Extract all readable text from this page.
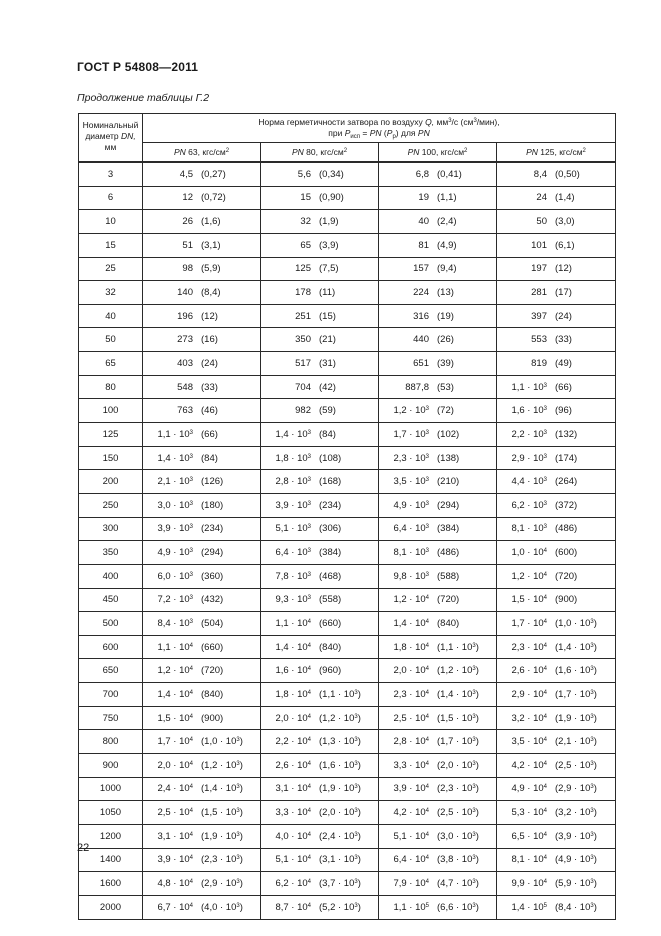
ГОСТ Р 54808—2011
Продолжение таблицы Г.2
Номинальный
диаметр DN,
мм	Норма герметичности затвора по воздуху Q, $мм^3/с$ $(см^3/мин)$,
при $P_{исп}$ = PN $(P_р)$ для PN			
	PN 63, кгс/$см^2$	PN 80, кгс/$см^2$	PN 100, кгс/$см^2$	PN 125, кгс/$см^2$
3	4,5 (0,27)	5,6 (0,34)	6,8 (0,41)	8,4 (0,50)

6	12 (0,72)	15 (0,90)	19 (1,1)	24 (1,4)

10	26 (1,6)	32 (1,9)	40 (2,4)	50 (3,0)

15	51 (3,1)	65 (3,9)	81 (4,9)	101 (6,1)

25	98 (5,9)	125 (7,5)	157 (9,4)	197 (12)

32	140 (8,4)	178 (11)	224 (13)	281 (17)

40	196 (12)	251 (15)	316 (19)	397 (24)

50	273 (16)	350 (21)	440 (26)	553 (33)

65	403 (24)	517 (31)	651 (39)	819 (49)

80	548 (33)	704 (42)	887,8 (53)	$1,1 \cdot 10^3$ (66)

100	763 (46)	982 (59)	$1,2 \cdot 10^3$ (72)	$1,6 \cdot 10^3$ (96)

125	$1,1 \cdot 10^3$ (66)	$1,4 \cdot 10^3$ (84)	$1,7 \cdot 10^3$ (102)	$2,2 \cdot 10^3$ (132)

150	$1,4 \cdot 10^3$ (84)	$1,8 \cdot 10^3$ (108)	$2,3 \cdot 10^3$ (138)	$2,9 \cdot 10^3$ (174)

200	$2,1 \cdot 10^3$ (126)	$2,8 \cdot 10^3$ (168)	$3,5 \cdot 10^3$ (210)	$4,4 \cdot 10^3$ (264)

250	$3,0 \cdot 10^3$ (180)	$3,9 \cdot 10^3$ (234)	$4,9 \cdot 10^3$ (294)	$6,2 \cdot 10^3$ (372)

300	$3,9 \cdot 10^3$ (234)	$5,1 \cdot 10^3$ (306)	$6,4 \cdot 10^3$ (384)	$8,1 \cdot 10^3$ (486)

350	$4,9 \cdot 10^3$ (294)	$6,4 \cdot 10^3$ (384)	$8,1 \cdot 10^3$ (486)	$1,0 \cdot 10^4$ (600)

400	$6,0 \cdot 10^3$ (360)	$7,8 \cdot 10^3$ (468)	$9,8 \cdot 10^3$ (588)	$1,2 \cdot 10^4$ (720)

450	$7,2 \cdot 10^3$ (432)	$9,3 \cdot 10^3$ (558)	$1,2 \cdot 10^4$ (720)	$1,5 \cdot 10^4$ (900)

500	$8,4 \cdot 10^3$ (504)	$1,1 \cdot 10^4$ (660)	$1,4 \cdot 10^4$ (840)	$1,7 \cdot 10^4$ $(1,0 \cdot 10^3)$

600	$1,1 \cdot 10^4$ (660)	$1,4 \cdot 10^4$ (840)	$1,8 \cdot 10^4$ $(1,1 \cdot 10^3)$	$2,3 \cdot 10^4$ $(1,4 \cdot 10^3)$

650	$1,2 \cdot 10^4$ (720)	$1,6 \cdot 10^4$ (960)	$2,0 \cdot 10^4$ $(1,2 \cdot 10^3)$	$2,6 \cdot 10^4$ $(1,6 \cdot 10^3)$

700	$1,4 \cdot 10^4$ (840)	$1,8 \cdot 10^4$ $(1,1 \cdot 10^3)$	$2,3 \cdot 10^4$ $(1,4 \cdot 10^3)$	$2,9 \cdot 10^4$ $(1,7 \cdot 10^3)$

750	$1,5 \cdot 10^4$ (900)	$2,0 \cdot 10^4$ $(1,2 \cdot 10^3)$	$2,5 \cdot 10^4$ $(1,5 \cdot 10^3)$	$3,2 \cdot 10^4$ $(1,9 \cdot 10^3)$

800	$1,7 \cdot 10^4$ $(1,0 \cdot 10^3)$	$2,2 \cdot 10^4$ $(1,3 \cdot 10^3)$	$2,8 \cdot 10^4$ $(1,7 \cdot 10^3)$	$3,5 \cdot 10^4$ $(2,1 \cdot 10^3)$

900	$2,0 \cdot 10^4$ $(1,2 \cdot 10^3)$	$2,6 \cdot 10^4$ $(1,6 \cdot 10^3)$	$3,3 \cdot 10^4$ $(2,0 \cdot 10^3)$	$4,2 \cdot 10^4$ $(2,5 \cdot 10^3)$

1000	$2,4 \cdot 10^4$ $(1,4 \cdot 10^3)$	$3,1 \cdot 10^4$ $(1,9 \cdot 10^3)$	$3,9 \cdot 10^4$ $(2,3 \cdot 10^3)$	$4,9 \cdot 10^4$ $(2,9 \cdot 10^3)$

1050	$2,5 \cdot 10^4$ $(1,5 \cdot 10^3)$	$3,3 \cdot 10^4$ $(2,0 \cdot 10^3)$	$4,2 \cdot 10^4$ $(2,5 \cdot 10^3)$	$5,3 \cdot 10^4$ $(3,2 \cdot 10^3)$

1200	$3,1 \cdot 10^4$ $(1,9 \cdot 10^3)$	$4,0 \cdot 10^4$ $(2,4 \cdot 10^3)$	$5,1 \cdot 10^4$ $(3,0 \cdot 10^3)$	$6,5 \cdot 10^4$ $(3,9 \cdot 10^3)$

1400	$3,9 \cdot 10^4$ $(2,3 \cdot 10^3)$	$5,1 \cdot 10^4$ $(3,1 \cdot 10^3)$	$6,4 \cdot 10^4$ $(3,8 \cdot 10^3)$	$8,1 \cdot 10^4$ $(4,9 \cdot 10^3)$

1600	$4,8 \cdot 10^4$ $(2,9 \cdot 10^3)$	$6,2 \cdot 10^4$ $(3,7 \cdot 10^3)$	$7,9 \cdot 10^4$ $(4,7 \cdot 10^3)$	$9,9 \cdot 10^4$ $(5,9 \cdot 10^3)$

2000	$6,7 \cdot 10^4$ $(4,0 \cdot 10^3)$	$8,7 \cdot 10^4$ $(5,2 \cdot 10^3)$	$1,1 \cdot 10^5$ $(6,6 \cdot 10^3)$	$1,4 \cdot 10^5$ $(8,4 \cdot 10^3)$
22
